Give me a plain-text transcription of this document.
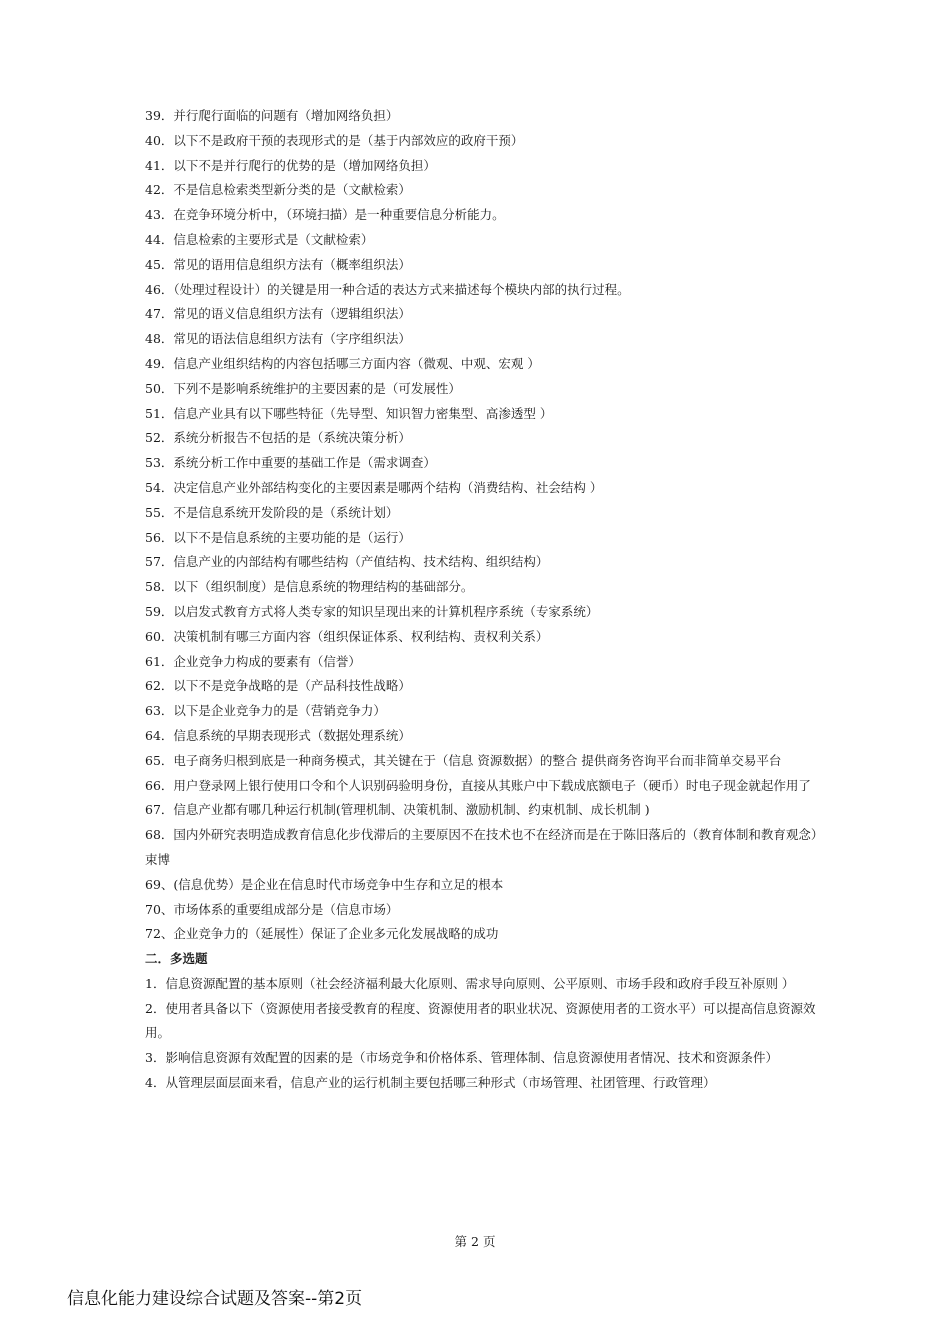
39．并行爬行面临的问题有（增加网络负担）

40．以下不是政府干预的表现形式的是（基于内部效应的政府干预）

41．以下不是并行爬行的优势的是（增加网络负担）

42．不是信息检索类型新分类的是（文献检索）

43．在竞争环境分析中，（环境扫描）是一种重要信息分析能力。

44．信息检索的主要形式是（文献检索）

45．常见的语用信息组织方法有（概率组织法）

46．（处理过程设计）的关键是用一种合适的表达方式来描述每个模块内部的执行过程。

47．常见的语义信息组织方法有（逻辑组织法）

48．常见的语法信息组织方法有（字序组织法）

49．信息产业组织结构的内容包括哪三方面内容（微观、中观、宏观 ）

50．下列不是影响系统维护的主要因素的是（可发展性）

51．信息产业具有以下哪些特征（先导型、知识智力密集型、高渗透型 ）

52．系统分析报告不包括的是（系统决策分析）

53．系统分析工作中重要的基础工作是（需求调查）

54．决定信息产业外部结构变化的主要因素是哪两个结构（消费结构、社会结构 ）

55．不是信息系统开发阶段的是（系统计划）

56．以下不是信息系统的主要功能的是（运行）

57．信息产业的内部结构有哪些结构（产值结构、技术结构、组织结构）

58．以下（组织制度）是信息系统的物理结构的基础部分。

59．以启发式教育方式将人类专家的知识呈现出来的计算机程序系统（专家系统）

60．决策机制有哪三方面内容（组织保证体系、权利结构、责权利关系）

61．企业竞争力构成的要素有（信誉）

62．以下不是竞争战略的是（产品科技性战略）

63．以下是企业竞争力的是（营销竞争力）

64．信息系统的早期表现形式（数据处理系统）

65．电子商务归根到底是一种商务模式，其关键在于（信息 资源数据）的整合 提供商务咨询平台而非简单交易平台

66．用户登录网上银行使用口令和个人识别码验明身份，直接从其账户中下载成底额电子（硬币）时电子现金就起作用了

67．信息产业都有哪几种运行机制(管理机制、决策机制、激励机制、约束机制、成长机制 )

68．国内外研究表明造成教育信息化步伐滞后的主要原因不在技术也不在经济而是在于陈旧落后的（教育体制和教育观念）束博

69、(信息优势）是企业在信息时代市场竞争中生存和立足的根本

70、市场体系的重要组成部分是（信息市场）

72、企业竞争力的（延展性）保证了企业多元化发展战略的成功

二．多选题

1．信息资源配置的基本原则（社会经济福利最大化原则、需求导向原则、公平原则、市场手段和政府手段互补原则 ）

2．使用者具备以下（资源使用者接受教育的程度、资源使用者的职业状况、资源使用者的工资水平）可以提高信息资源效用。

3．影响信息资源有效配置的因素的是（市场竞争和价格体系、管理体制、信息资源使用者情况、技术和资源条件）

4．从管理层面层面来看，信息产业的运行机制主要包括哪三种形式（市场管理、社团管理、行政管理）

第 2 页
信息化能力建设综合试题及答案--第2页
